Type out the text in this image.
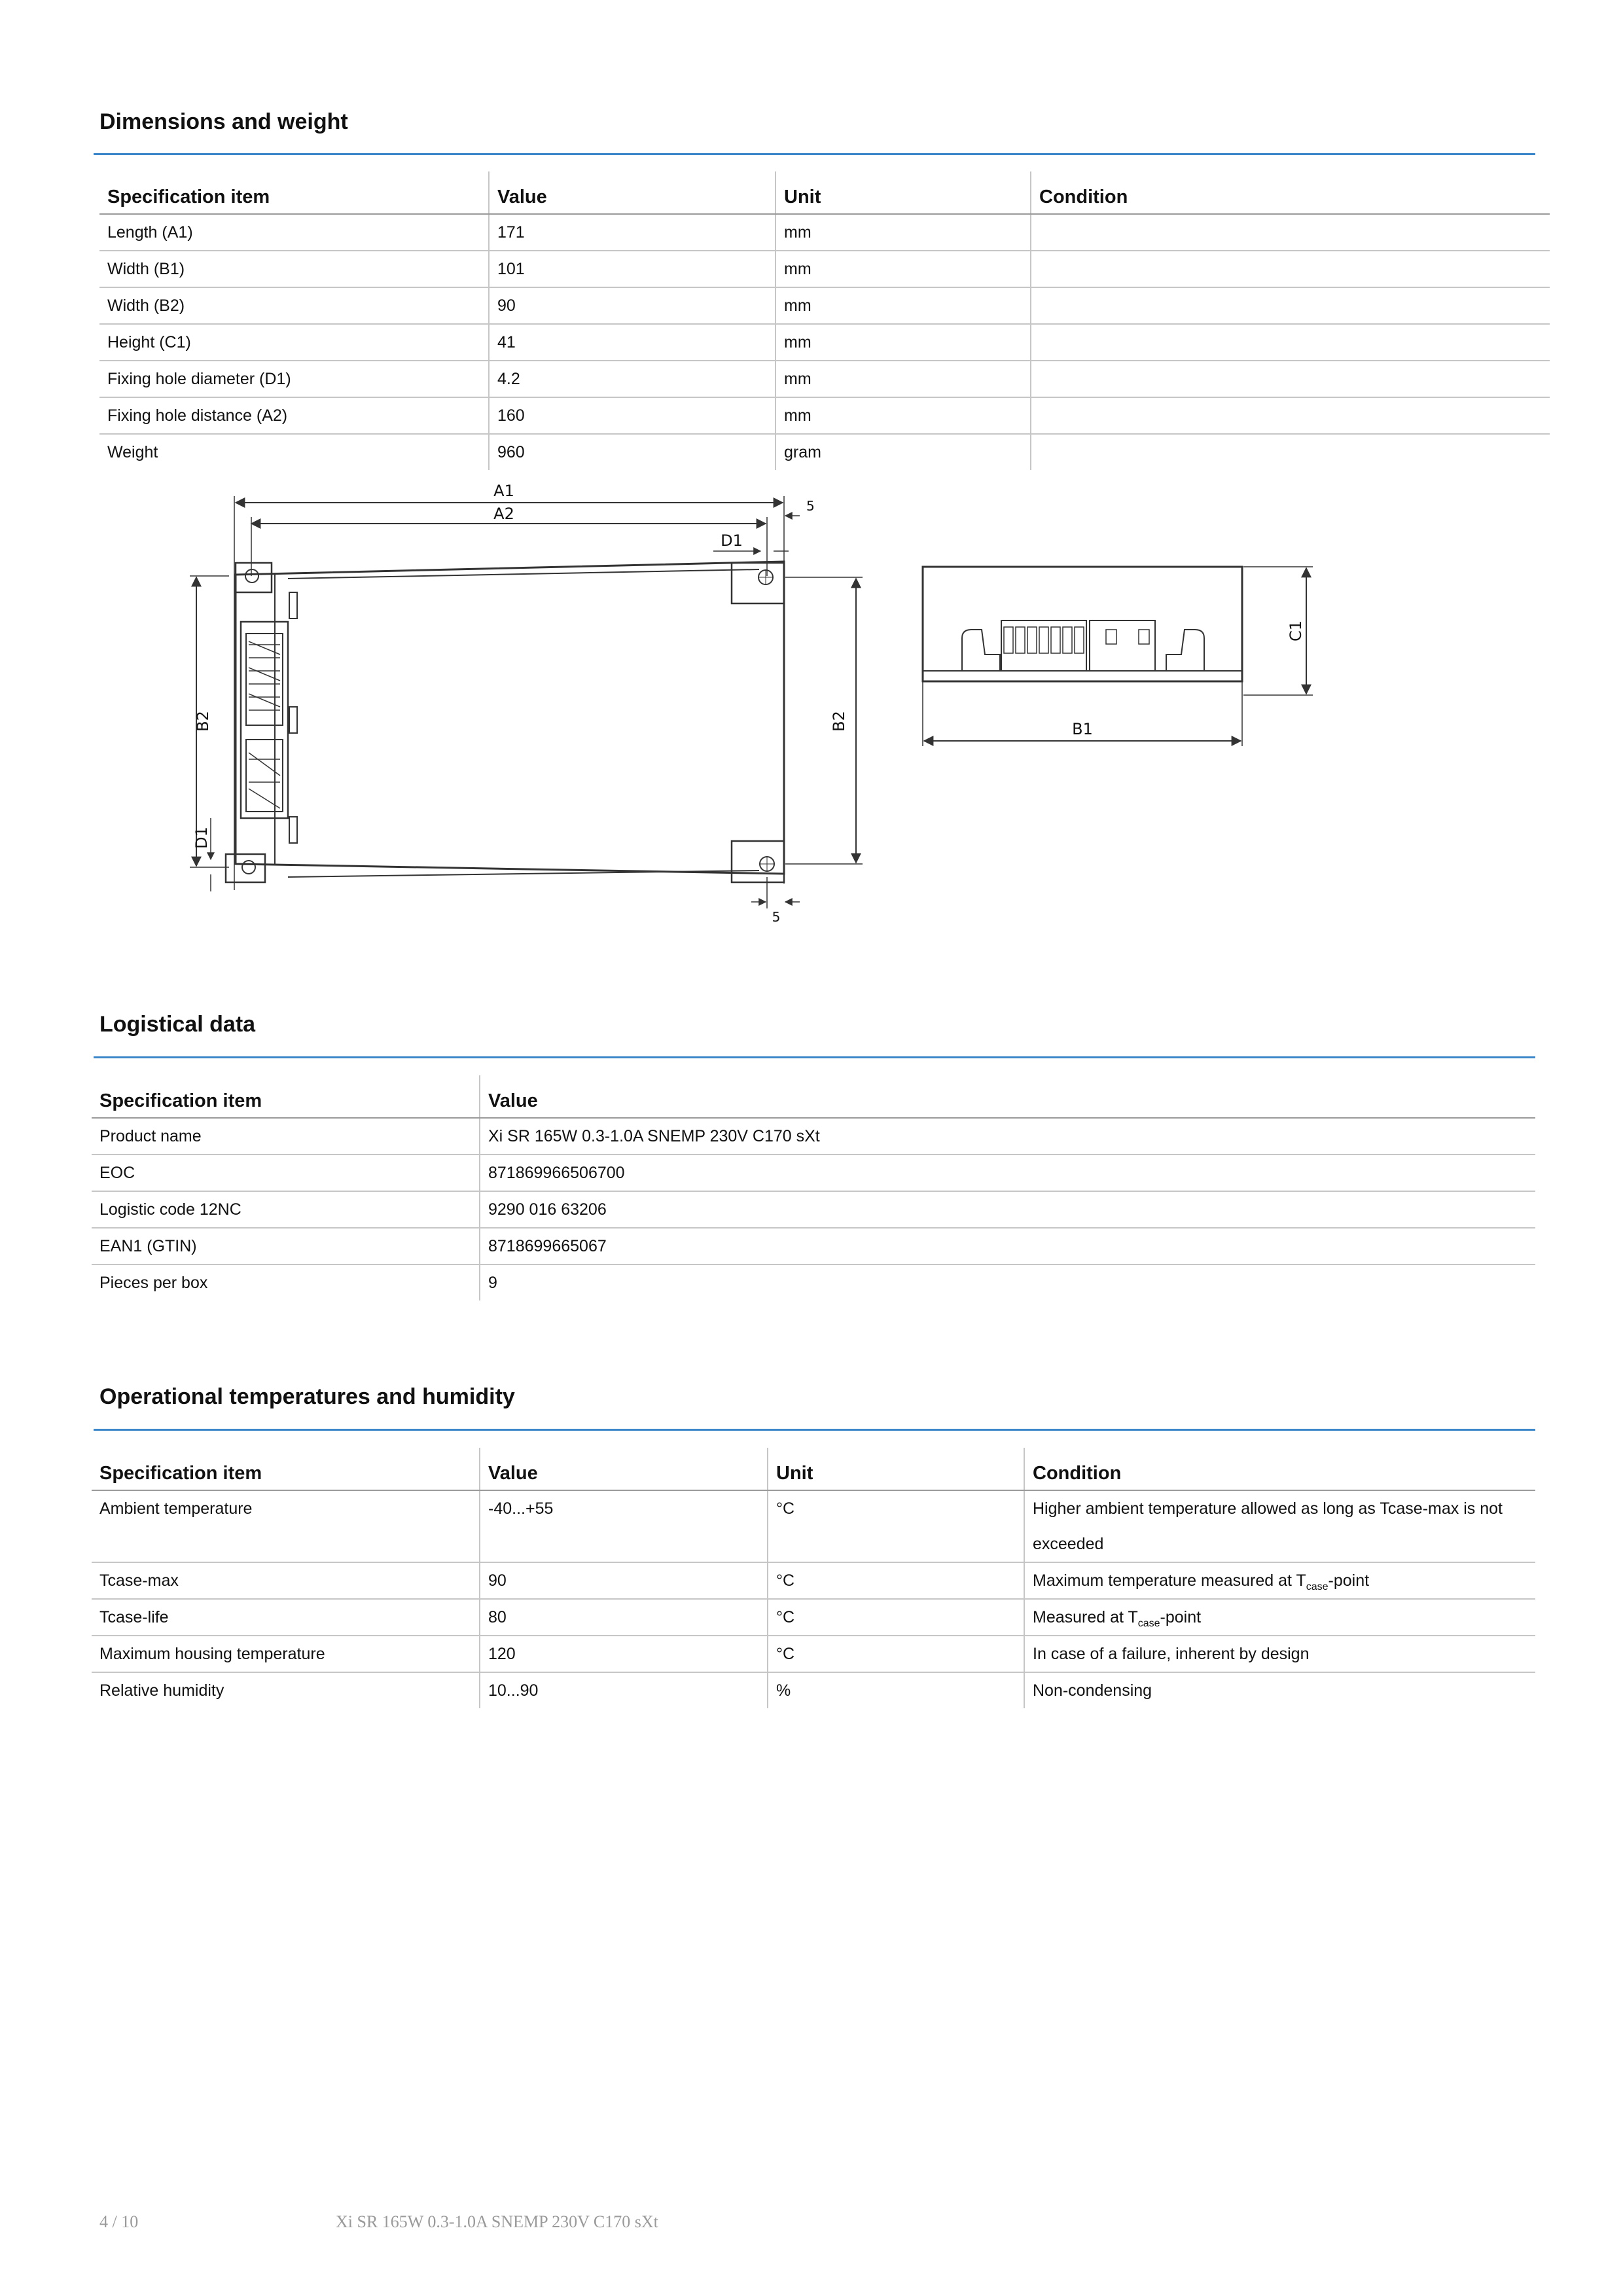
Dimensions and weight
Specification item	Value	Unit	Condition
Length (A1)	171	mm	
Width (B1)	101	mm	
Width (B2)	90	mm	
Height (C1)	41	mm	
Fixing hole diameter (D1)	4.2	mm	
Fixing hole distance (A2)	160	mm	
Weight	960	gram	
A1
A2	5
D1
B2
D1
B2
5
C1
B1
Logistical data
Specification item	Value
Product name	Xi SR 165W 0.3-1.0A SNEMP 230V C170 sXt
EOC	871869966506700
Logistic code 12NC	9290 016 63206
EAN1 (GTIN)	8718699665067
Pieces per box	9
Operational temperatures and humidity
Specification item	Value	Unit	Condition
Ambient temperature	-40...+55	°C	Higher ambient temperature allowed as long as Tcase-max is not exceeded
Tcase-max	90	°C	Maximum temperature measured at $T_{case}$-point
Tcase-life	80	°C	Measured at $T_{case}$-point
Maximum housing temperature	120	°C	In case of a failure, inherent by design
Relative humidity	10...90	%	Non-condensing
4 / 10	Xi SR 165W 0.3-1.0A SNEMP 230V C170 sXt
